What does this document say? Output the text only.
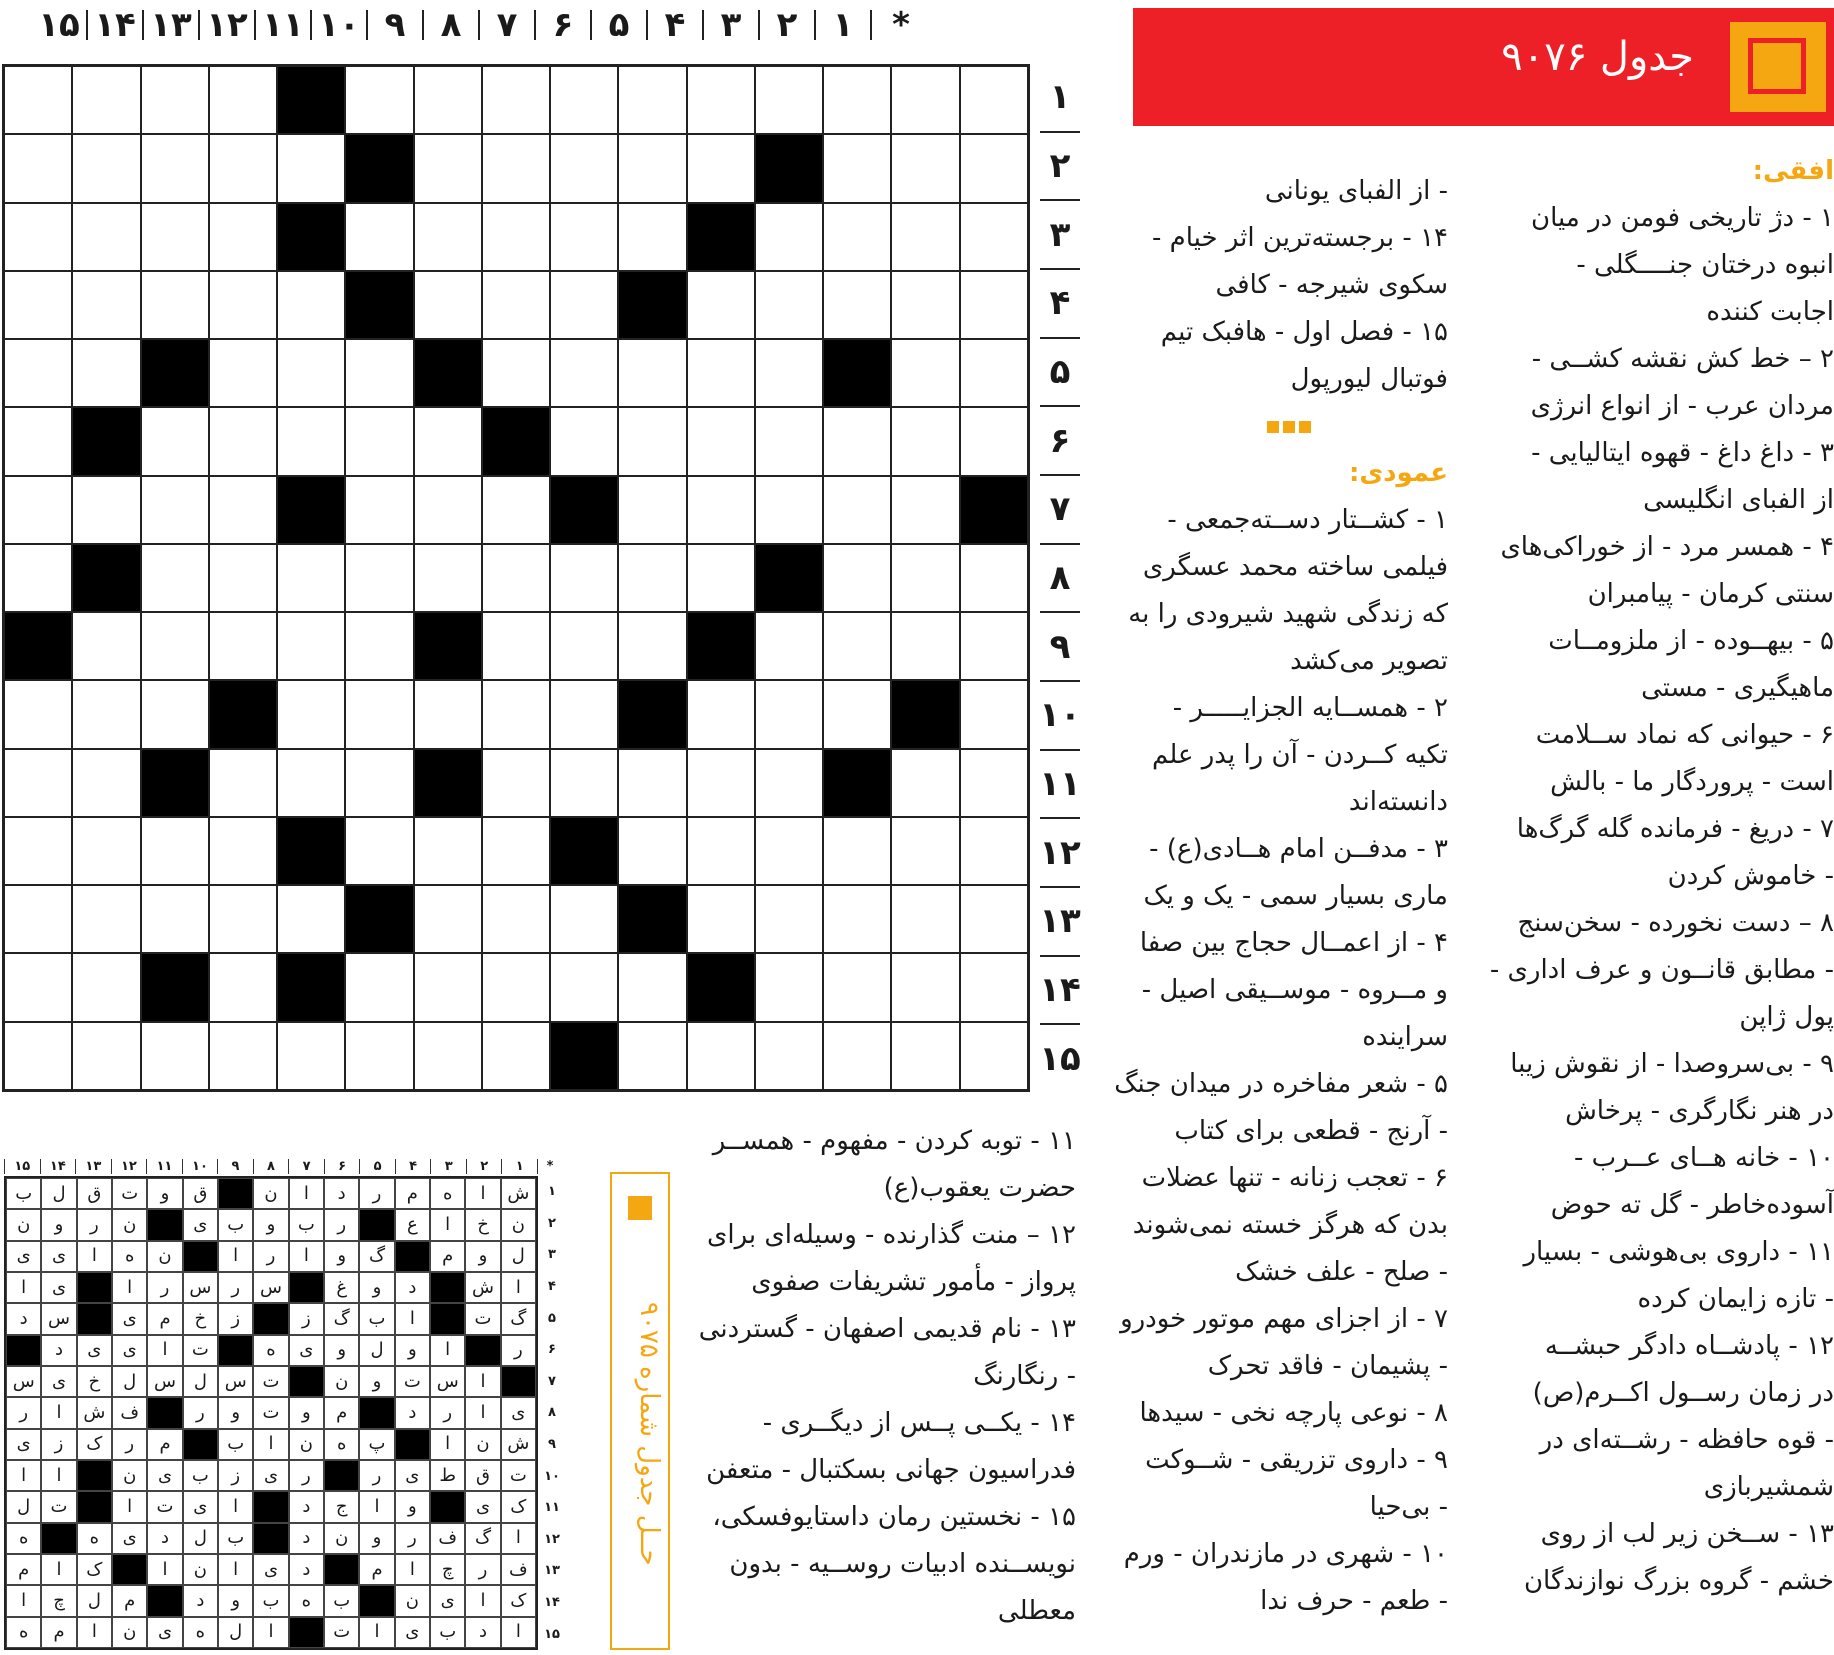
*
۱
۲
۳
۴
۵
۶
۷
۸
۹
۱۰
۱۱
۱۲
۱۳
۱۴
۱۵
۱
۲
۳
۴
۵
۶
۷
۸
۹
۱۰
۱۱
۱۲
۱۳
۱۴
۱۵
جدول ۹۰۷۶
افقی:
۱ - دژ تاریخی فومن در میان
انبوه درختان جنــــگلی -
اجابت کننده
۲ – خط کش نقشه کشــی -
مردان عرب - از انواع انرژی
۳ - داغ داغ - قهوه ایتالیایی -
از الفبای انگلیسی
۴ - همسر مرد - از خوراکی‌های
سنتی کرمان - پیامبران
۵ - بیهــوده - از ملزومــات
ماهیگیری - مستی
۶ - حیوانی که نماد ســلامت
است - پروردگار ما - بالش
۷ - دریغ - فرمانده گله گرگ‌ها
- خاموش کردن
۸ – دست نخورده - سخن‌سنج
- مطابق قانــون و عرف اداری -
پول ژاپن
۹ - بی‌سروصدا - از نقوش زیبا
در هنر نگارگری - پرخاش
۱۰ - خانه هــای عــرب -
آسوده‌خاطر - گل ته حوض
۱۱ - داروی بی‌هوشی - بسیار
- تازه زایمان کرده
۱۲ - پادشــاه دادگر حبشــه
در زمان رســول اکــرم(ص)
- قوه حافظه - رشــته‌ای در
شمشیربازی
۱۳ - ســخن زیر لب از روی
خشم - گروه بزرگ نوازندگان
- از الفبای یونانی
۱۴ - برجسته‌ترین اثر خیام -
سکوی شیرجه - کافی
۱۵ - فصل اول - هافبک تیم
فوتبال لیورپول
عمودی:
۱ - کشــتار دســته‌جمعی -
فیلمی ساخته محمد عسگری
که زندگی شهید شیرودی را به
تصویر می‌کشد
۲ - همســایه الجزایـــــر -
تکیه کــردن - آن را پدر علم
دانسته‌اند
۳ - مدفــن امام هــادی(ع) -
ماری بسیار سمی - یک و یک
۴ - از اعمــال حجاج بین صفا
و مــروه - موســیقی اصیل -
سراینده
۵ - شعر مفاخره در میدان جنگ
- آرنج - قطعی برای کتاب
۶ - تعجب زنانه - تنها عضلات
بدن که هرگز خسته نمی‌شوند
- صلح - علف خشک
۷ - از اجزای مهم موتور خودرو
- پشیمان - فاقد تحرک
۸ - نوعی پارچه نخی - سیدها
۹ - داروی تزریقی - شــوکت
- بی‌حیا
۱۰ - شهری در مازندران - ورم
- طعم - حرف ندا
۱۱ - توبه کردن - مفهوم - همســر
حضرت یعقوب(ع)
۱۲ – منت گذارنده - وسیله‌ای برای
پرواز - مأمور تشریفات صفوی
۱۳ - نام قدیمی اصفهان - گستردنی
- رنگارنگ
۱۴ - یکــی پــس از دیگــری -
فدراسیون جهانی بسکتبال - متعفن
۱۵ - نخستین رمان داستایوفسکی،
نویســنده ادبیات روســیه - بدون
معطلی
*
۱
۲
۳
۴
۵
۶
۷
۸
۹
۱۰
۱۱
۱۲
۱۳
۱۴
۱۵
ش
ا
ه
م
ر
د
ا
ن
ق
و
ت
ق
ل
ب
ن
خ
ا
ع
ر
ب
و
ب
ی
ن
ر
و
ن
ل
و
م
گ
و
ا
ر
ا
ن
ه
ا
ی
ی
ا
ش
د
و
غ
س
ر
س
ر
ا
ی
ا
گ
ت
ا
ب
گ
ز
ز
خ
م
ی
س
د
ر
ا
و
ل
و
ی
ه
ت
ا
ی
ی
د
ا
س
ت
و
ن
ت
س
ل
س
ل
خ
ی
س
ی
ا
ر
د
م
و
ت
و
ر
ف
ش
ا
ر
ش
ن
ا
پ
ه
ن
ا
ب
م
ر
ک
ز
ی
ت
ق
ط
ی
ر
ر
ی
ز
ب
ی
ن
ا
ا
ک
ی
و
ا
ج
د
ا
ی
ت
ا
ت
ل
ا
گ
ف
ر
و
ن
د
ب
ل
د
ی
ه
ه
ف
ر
چ
ا
م
د
ی
ا
ن
ا
ک
ا
م
ک
ا
ی
ن
ب
ه
ب
و
د
م
ل
چ
ا
ا
د
ب
ی
ا
ت
ا
ل
ه
ی
ن
ا
م
ه
۱
۲
۳
۴
۵
۶
۷
۸
۹
۱۰
۱۱
۱۲
۱۳
۱۴
۱۵
حــل جدول شماره ۹۰۷۵
